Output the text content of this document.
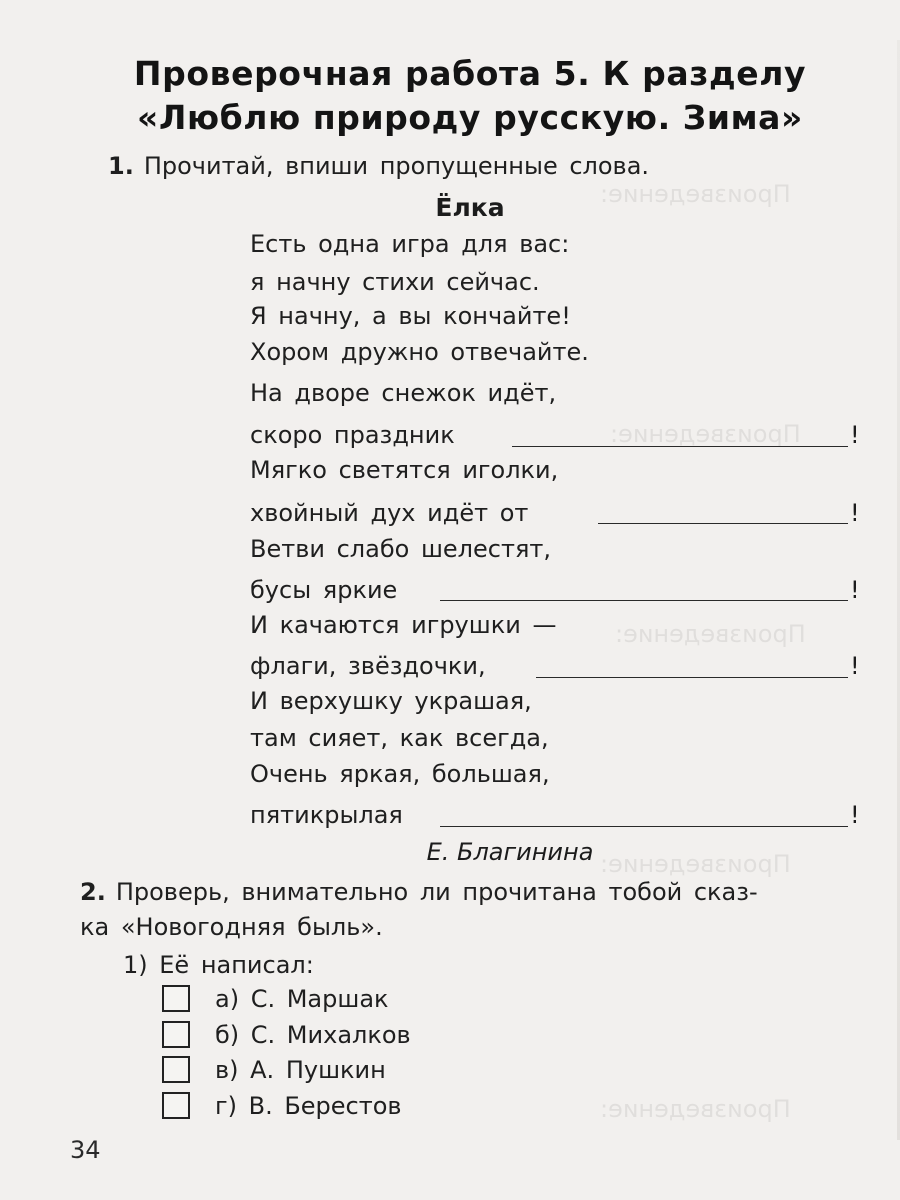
Произведение:
Произведение:
Произведение:
Произведение:
Произведение:
Проверочная работа 5. К разделу
«Люблю природу русскую. Зима»
1. Прочитай, впиши пропущенные слова.
Ёлка
Есть одна игра для вас:
я начну стихи сейчас.
Я начну, а вы кончайте!
Хором дружно отвечайте.
На дворе снежок идёт,
скоро праздник	!
Мягко светятся иголки,
хвойный дух идёт от	!
Ветви слабо шелестят,
бусы яркие	!
И качаются игрушки —
флаги, звёздочки,	!
И верхушку украшая,
там сияет, как всегда,
Очень яркая, большая,
пятикрылая	!
Е. Благинина
2. Проверь, внимательно ли прочитана тобой сказ-
ка «Новогодняя быль».
1) Её написал:
а) С. Маршак
б) С. Михалков
в) А. Пушкин
г) В. Берестов
34
